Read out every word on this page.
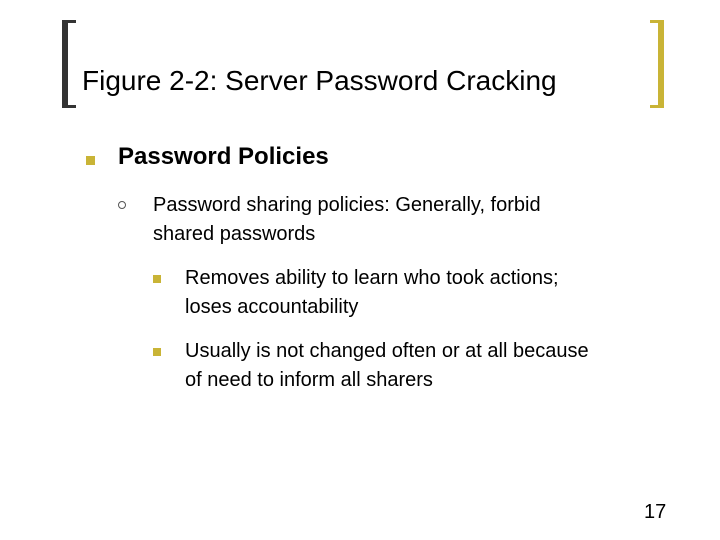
Figure 2-2: Server Password Cracking
Password Policies
Password sharing policies: Generally, forbid
shared passwords
Removes ability to learn who took actions;
loses accountability
Usually is not changed often or at all because
of need to inform all sharers
17
